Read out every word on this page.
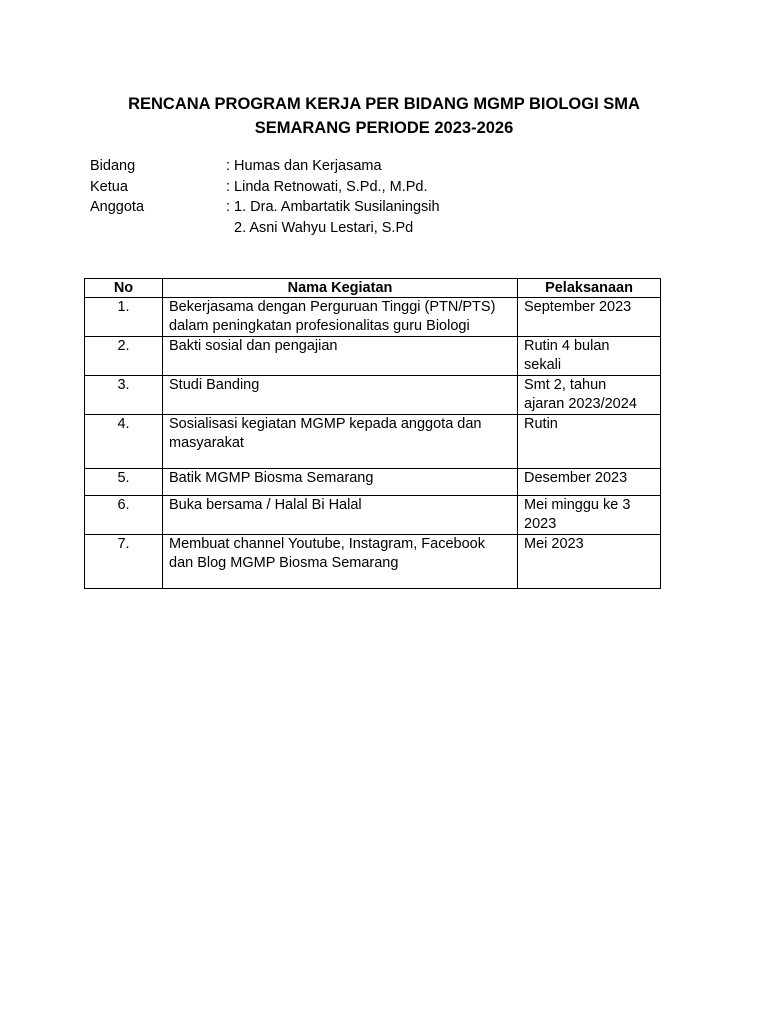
RENCANA PROGRAM KERJA PER BIDANG MGMP BIOLOGI SMA
SEMARANG PERIODE 2023-2026
Bidang	: Humas dan Kerjasama
Ketua	: Linda Retnowati, S.Pd., M.Pd.
Anggota	: 1. Dra. Ambartatik Susilaningsih
2. Asni Wahyu Lestari, S.Pd
No	Nama Kegiatan	Pelaksanaan
1.	Bekerjasama dengan Perguruan Tinggi (PTN/PTS)
dalam peningkatan profesionalitas guru Biologi	September 2023

2.	Bakti sosial dan pengajian	Rutin 4 bulan
sekali

3.	Studi Banding	Smt 2, tahun
ajaran 2023/2024

4.	Sosialisasi kegiatan MGMP kepada anggota dan
masyarakat	Rutin

5.	Batik MGMP Biosma Semarang	Desember 2023

6.	Buka bersama / Halal Bi Halal	Mei minggu ke 3
2023

7.	Membuat channel Youtube, Instagram, Facebook
dan Blog MGMP Biosma Semarang	Mei 2023
